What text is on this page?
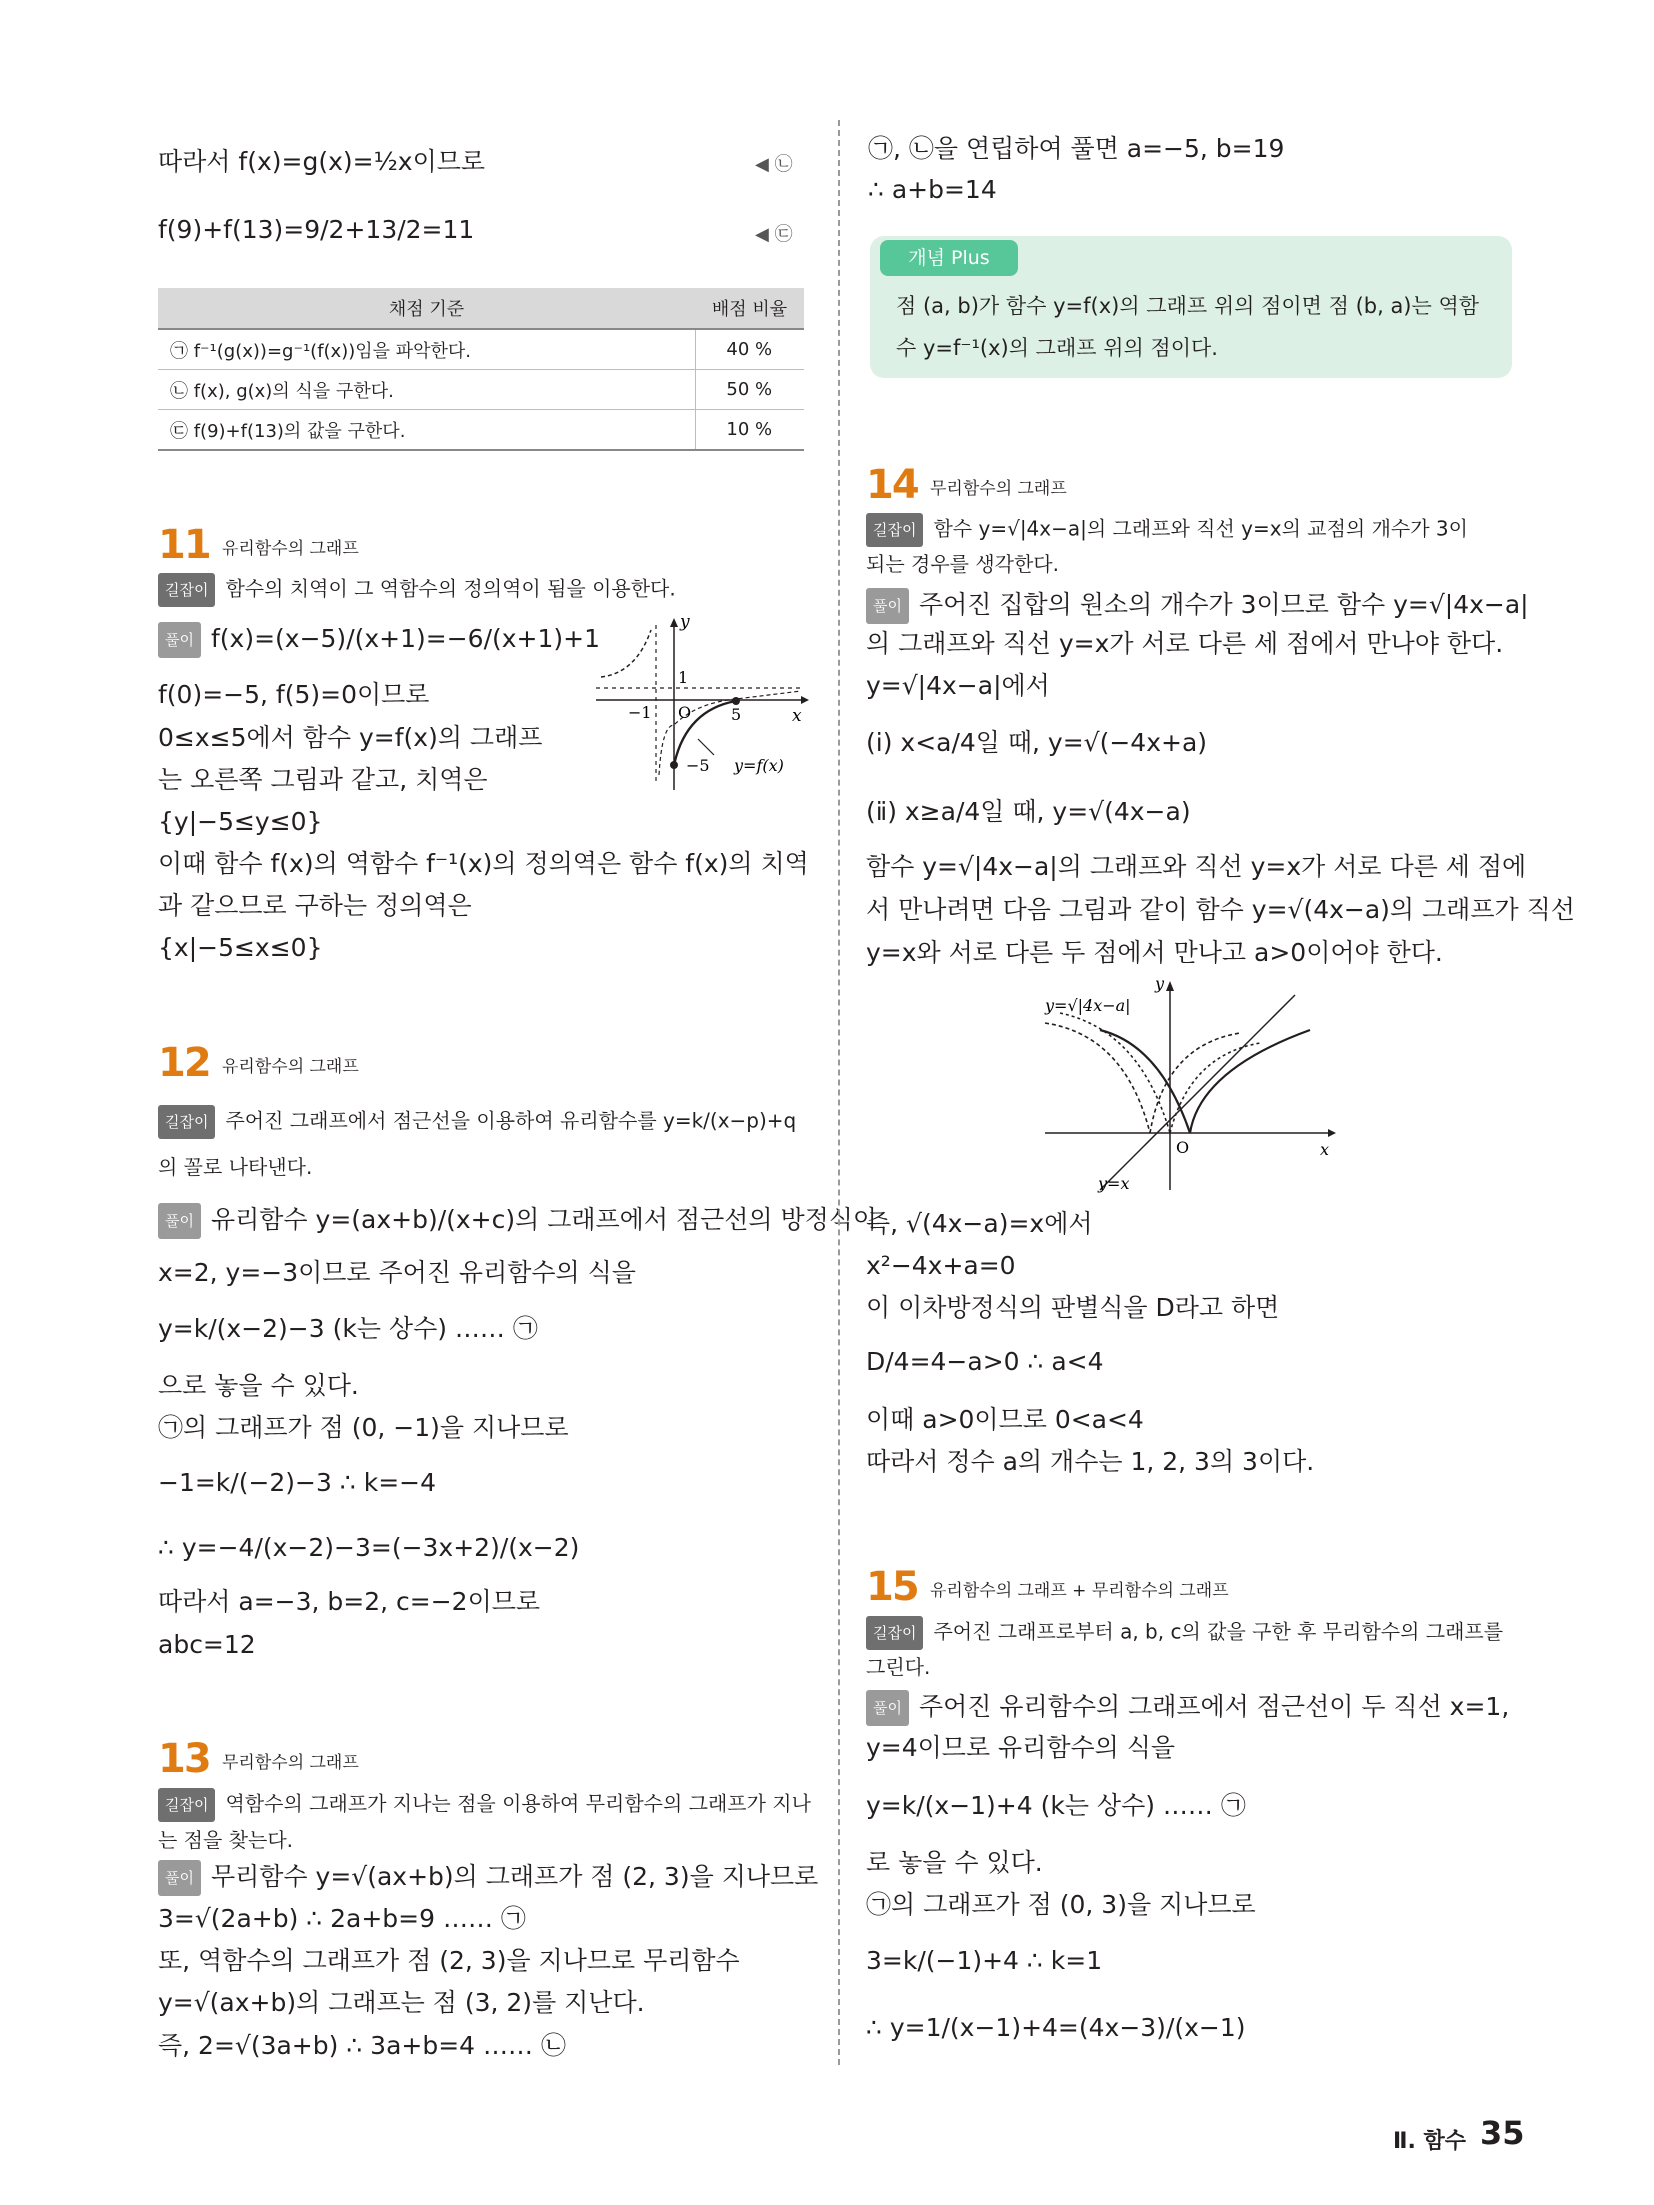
따라서 f(x)=g(x)=½x이므로	◀ ㉡
f(9)+f(13)=9/2+13/2=11	◀ ㉢
채점 기준	배점 비율
㉠ f⁻¹(g(x))=g⁻¹(f(x))임을 파악한다.	40 %
㉡ f(x), g(x)의 식을 구한다.	50 %
㉢ f(9)+f(13)의 값을 구한다.	10 %
11 유리함수의 그래프
길잡이 함수의 치역이 그 역함수의 정의역이 됨을 이용한다.
풀이 f(x)=(x−5)/(x+1)=−6/(x+1)+1
f(0)=−5, f(5)=0이므로
0≤x≤5에서 함수 y=f(x)의 그래프
는 오른쪽 그림과 같고, 치역은
{y|−5≤y≤0}
이때 함수 f(x)의 역함수 f⁻¹(x)의 정의역은 함수 f(x)의 치역
과 같으므로 구하는 정의역은
{x|−5≤x≤0}
y
x
O
1
−1	5
−5 y=f(x)
12 유리함수의 그래프
길잡이 주어진 그래프에서 점근선을 이용하여 유리함수를 y=k/(x−p)+q
의 꼴로 나타낸다.
풀이 유리함수 y=(ax+b)/(x+c)의 그래프에서 점근선의 방정식이
x=2, y=−3이므로 주어진 유리함수의 식을
y=k/(x−2)−3 (k는 상수) …… ㉠
으로 놓을 수 있다.
㉠의 그래프가 점 (0, −1)을 지나므로
−1=k/(−2)−3 ∴ k=−4
∴ y=−4/(x−2)−3=(−3x+2)/(x−2)
따라서 a=−3, b=2, c=−2이므로
abc=12
13 무리함수의 그래프
길잡이 역함수의 그래프가 지나는 점을 이용하여 무리함수의 그래프가 지나
는 점을 찾는다.
풀이 무리함수 y=√(ax+b)의 그래프가 점 (2, 3)을 지나므로
3=√(2a+b) ∴ 2a+b=9 …… ㉠
또, 역함수의 그래프가 점 (2, 3)을 지나므로 무리함수
y=√(ax+b)의 그래프는 점 (3, 2)를 지난다.
즉, 2=√(3a+b) ∴ 3a+b=4 …… ㉡
㉠, ㉡을 연립하여 풀면 a=−5, b=19
∴ a+b=14
개념 Plus
점 (a, b)가 함수 y=f(x)의 그래프 위의 점이면 점 (b, a)는 역함
수 y=f⁻¹(x)의 그래프 위의 점이다.
14 무리함수의 그래프
길잡이 함수 y=√|4x−a|의 그래프와 직선 y=x의 교점의 개수가 3이
되는 경우를 생각한다.
풀이 주어진 집합의 원소의 개수가 3이므로 함수 y=√|4x−a|
의 그래프와 직선 y=x가 서로 다른 세 점에서 만나야 한다.
y=√|4x−a|에서
(ⅰ) x<a/4일 때, y=√(−4x+a)
(ⅱ) x≥a/4일 때, y=√(4x−a)
함수 y=√|4x−a|의 그래프와 직선 y=x가 서로 다른 세 점에
서 만나려면 다음 그림과 같이 함수 y=√(4x−a)의 그래프가 직선
y=x와 서로 다른 두 점에서 만나고 a>0이어야 한다.
y=√|4x−a|
y=x
y
x
O
즉, √(4x−a)=x에서
x²−4x+a=0
이 이차방정식의 판별식을 D라고 하면
D/4=4−a>0 ∴ a<4
이때 a>0이므로 0<a<4
따라서 정수 a의 개수는 1, 2, 3의 3이다.
15 유리함수의 그래프 + 무리함수의 그래프
길잡이 주어진 그래프로부터 a, b, c의 값을 구한 후 무리함수의 그래프를
그린다.
풀이 주어진 유리함수의 그래프에서 점근선이 두 직선 x=1,
y=4이므로 유리함수의 식을
y=k/(x−1)+4 (k는 상수) …… ㉠
로 놓을 수 있다.
㉠의 그래프가 점 (0, 3)을 지나므로
3=k/(−1)+4 ∴ k=1
∴ y=1/(x−1)+4=(4x−3)/(x−1)
Ⅱ. 함수 35
